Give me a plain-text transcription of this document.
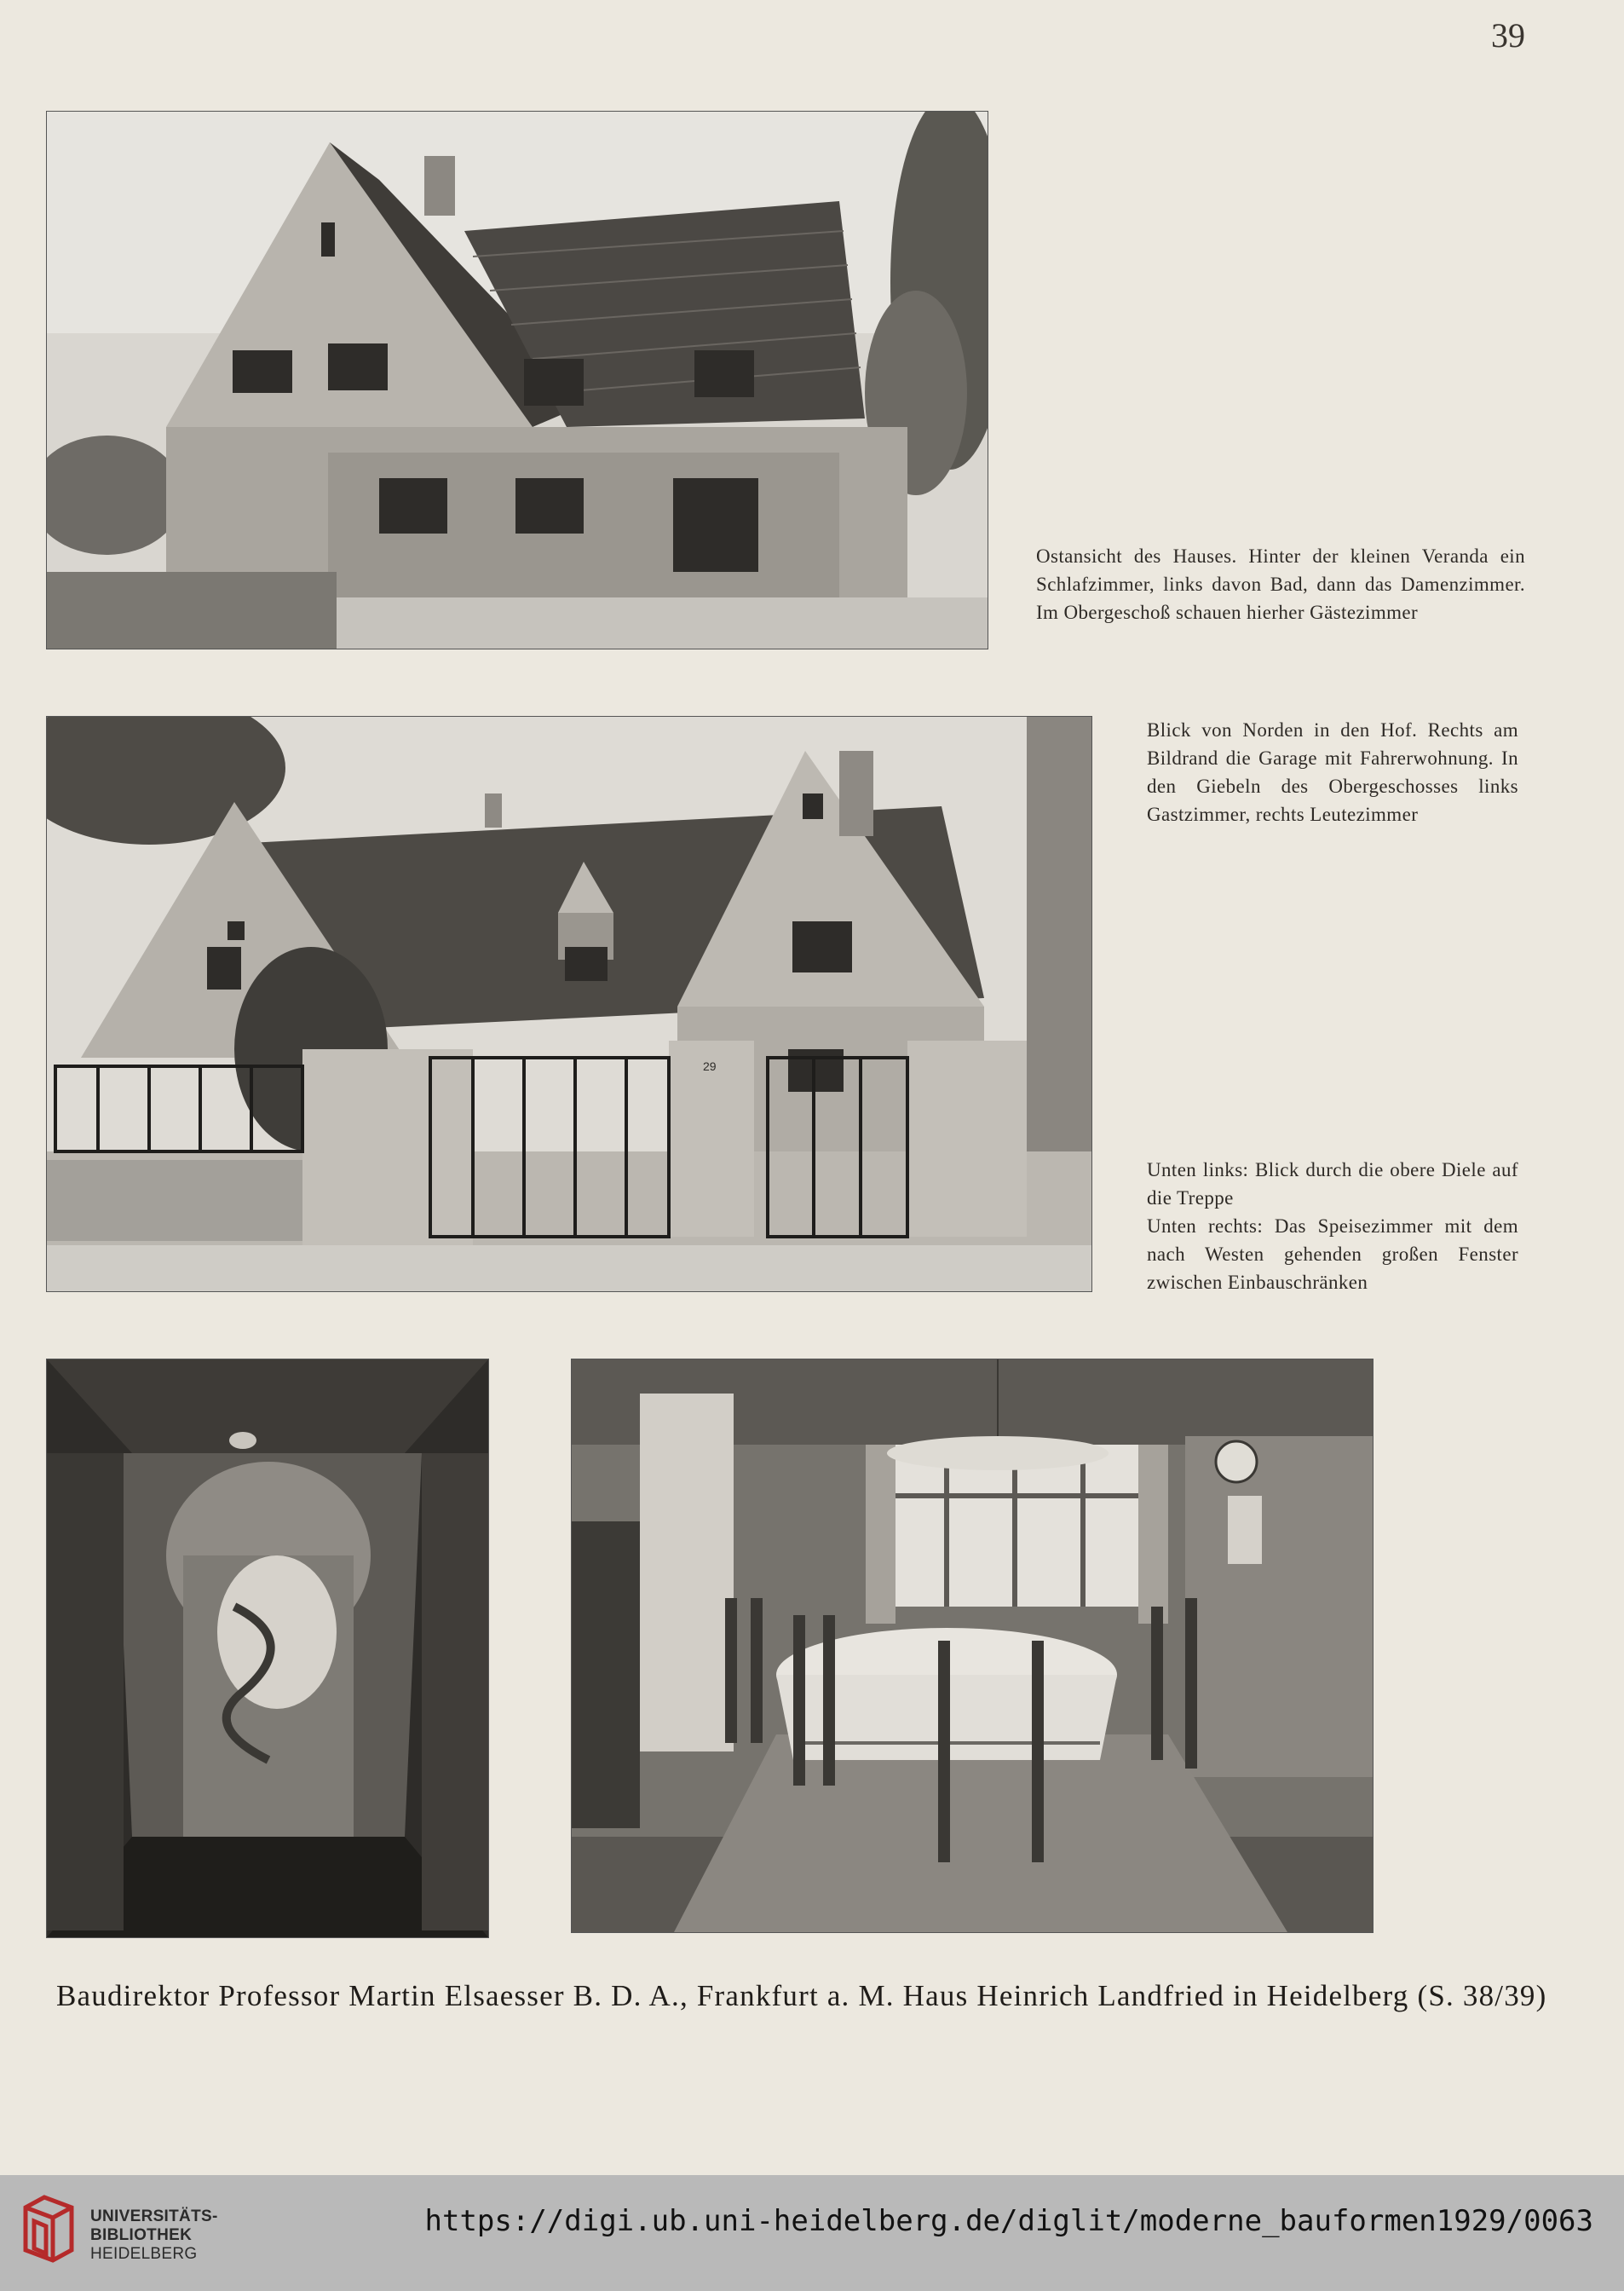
39

Ostansicht des Hauses. Hinter der kleinen Veranda ein Schlafzimmer, links davon Bad, dann das Damenzimmer. Im Obergeschoß schauen hierher Gästezimmer

29

Blick von Norden in den Hof. Rechts am Bildrand die Garage mit Fahrerwohnung. In den Giebeln des Obergeschosses links Gastzimmer, rechts Leutezimmer

Unten links: Blick durch die obere Diele auf die Treppe

Unten rechts: Das Speisezimmer mit dem nach Westen gehenden großen Fenster zwischen Einbauschränken

Baudirektor Professor Martin Elsaesser B. D. A., Frankfurt a. M. Haus Heinrich Landfried in Heidelberg (S. 38/39)
UNIVERSITÄTS-
BIBLIOTHEK
HEIDELBERG
https://digi.ub.uni-heidelberg.de/diglit/moderne_bauformen1929/0063
